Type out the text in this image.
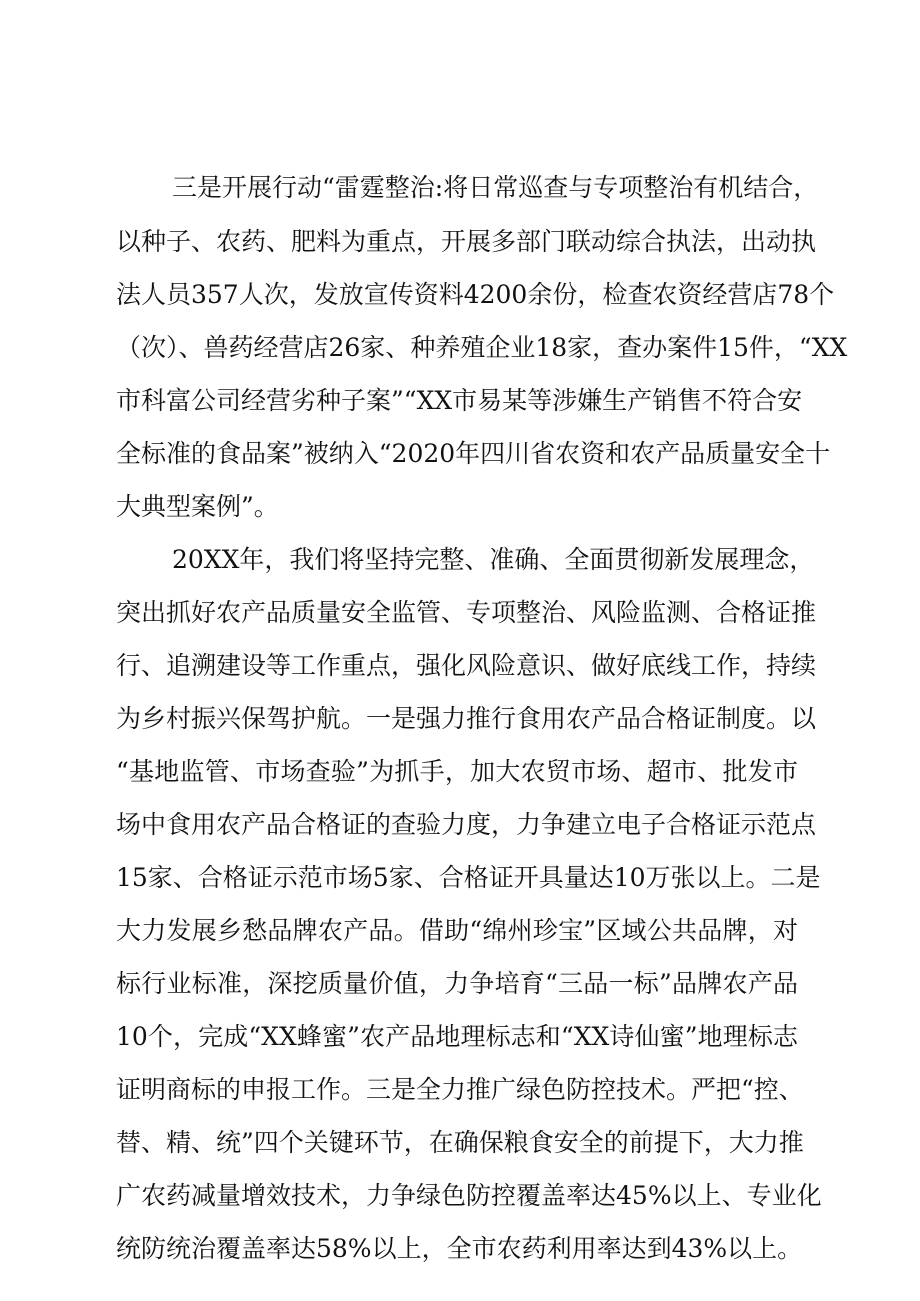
三是开展行动“雷霆整治:将日常巡查与专项整治有机结合，
以种子、农药、肥料为重点，开展多部门联动综合执法，出动执
法人员357人次，发放宣传资料4200余份，检查农资经营店78个
（次）、兽药经营店26家、种养殖企业18家，查办案件15件，“XX
市科富公司经营劣种子案”“XX市易某等涉嫌生产销售不符合安
全标准的食品案”被纳入“2020年四川省农资和农产品质量安全十
大典型案例”。
20XX年，我们将坚持完整、准确、全面贯彻新发展理念，
突出抓好农产品质量安全监管、专项整治、风险监测、合格证推
行、追溯建设等工作重点，强化风险意识、做好底线工作，持续
为乡村振兴保驾护航。一是强力推行食用农产品合格证制度。以
“基地监管、市场查验”为抓手，加大农贸市场、超市、批发市
场中食用农产品合格证的查验力度，力争建立电子合格证示范点
15家、合格证示范市场5家、合格证开具量达10万张以上。二是
大力发展乡愁品牌农产品。借助“绵州珍宝”区域公共品牌，对
标行业标准，深挖质量价值，力争培育“三品一标”品牌农产品
10个，完成“XX蜂蜜”农产品地理标志和“XX诗仙蜜”地理标志
证明商标的申报工作。三是全力推广绿色防控技术。严把“控、
替、精、统”四个关键环节，在确保粮食安全的前提下，大力推
广农药减量增效技术，力争绿色防控覆盖率达45%以上、专业化
统防统治覆盖率达58%以上，全市农药利用率达到43%以上。
